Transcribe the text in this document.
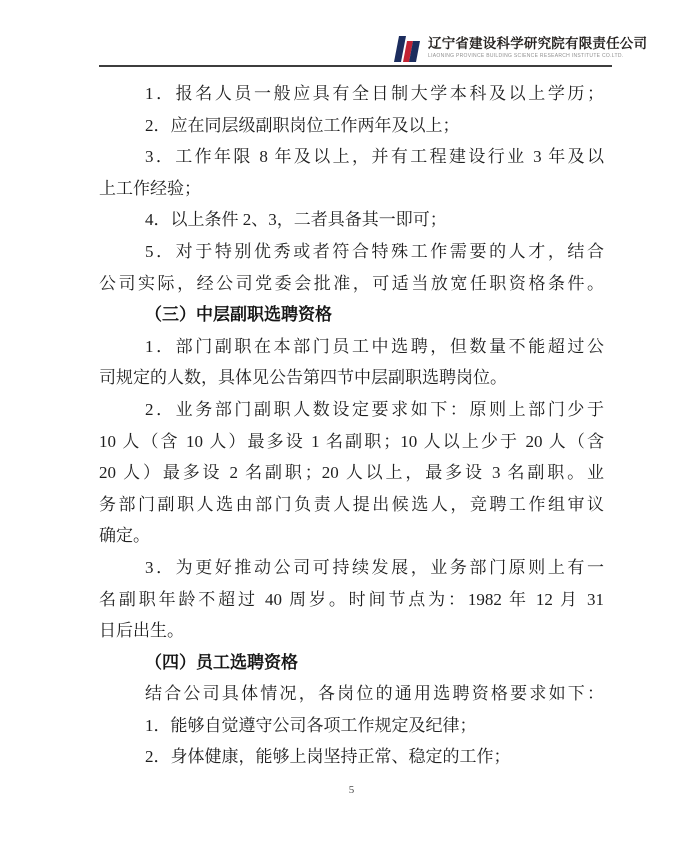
辽宁省建设科学研究院有限责任公司
LIAONING PROVINCE BUILDING SCIENCE RESEARCH INSTITUTE CO.LTD.
1．报名人员一般应具有全日制大学本科及以上学历；
2．应在同层级副职岗位工作两年及以上；
3．工作年限 8 年及以上，并有工程建设行业 3 年及以
上工作经验；
4．以上条件 2、3，二者具备其一即可；
5．对于特别优秀或者符合特殊工作需要的人才，结合
公司实际，经公司党委会批准，可适当放宽任职资格条件。
（三）中层副职选聘资格
1．部门副职在本部门员工中选聘，但数量不能超过公
司规定的人数，具体见公告第四节中层副职选聘岗位。
2．业务部门副职人数设定要求如下：原则上部门少于
10 人（含 10 人）最多设 1 名副职；10 人以上少于 20 人（含
20 人）最多设 2 名副职；20 人以上，最多设 3 名副职。业
务部门副职人选由部门负责人提出候选人，竞聘工作组审议
确定。
3．为更好推动公司可持续发展，业务部门原则上有一
名副职年龄不超过 40 周岁。时间节点为：1982 年 12 月 31
日后出生。
（四）员工选聘资格
结合公司具体情况，各岗位的通用选聘资格要求如下：
1．能够自觉遵守公司各项工作规定及纪律；
2．身体健康，能够上岗坚持正常、稳定的工作；
5
